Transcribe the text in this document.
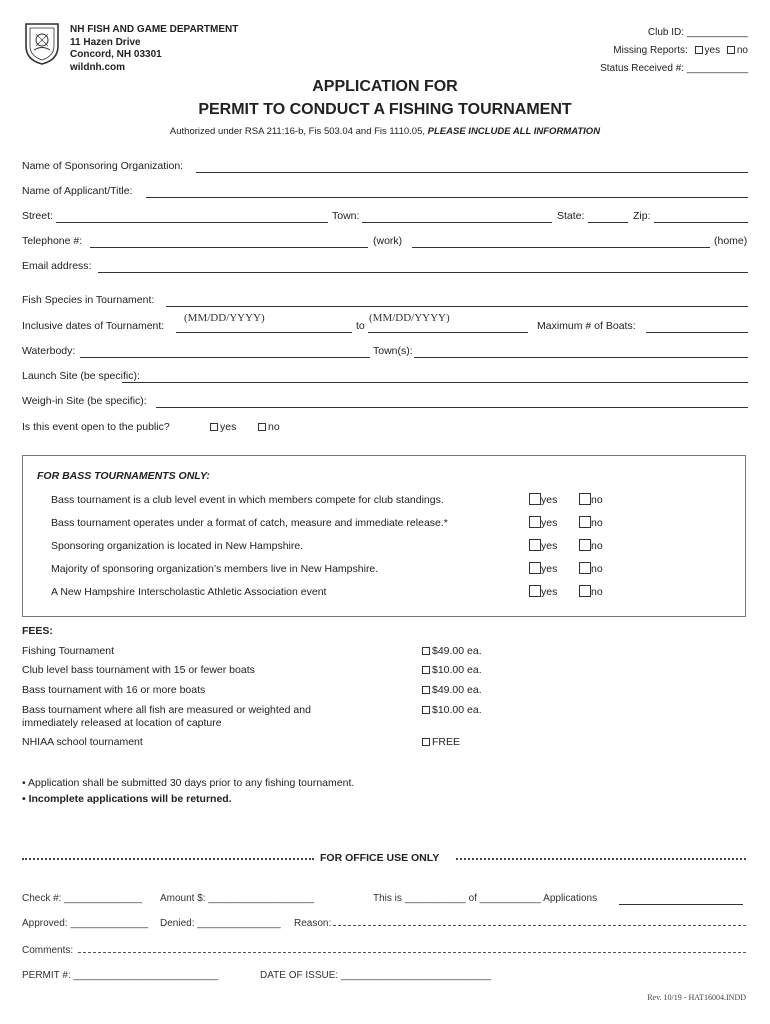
NH FISH AND GAME DEPARTMENT
11 Hazen Drive
Concord, NH 03301
wildnh.com
Club ID: ___________
Missing Reports: yes no
Status Received #: ___________
APPLICATION FOR
PERMIT TO CONDUCT A FISHING TOURNAMENT
Authorized under RSA 211:16-b, Fis 503.04 and Fis 1110.05, PLEASE INCLUDE ALL INFORMATION
Name of Sponsoring Organization:
Name of Applicant/Title:
Street:	Town:	State:	Zip:
Telephone #:	(work)	(home)
Email address:
Fish Species in Tournament:
Inclusive dates of Tournament:
(MM/DD/YYYY)
to
(MM/DD/YYYY)
Maximum # of Boats:
Waterbody:	Town(s):
Launch Site (be specific):
Weigh-in Site (be specific):
Is this event open to the public?	yes	no
FOR BASS TOURNAMENTS ONLY:
Bass tournament is a club level event in which members compete for club standings.	yes	no
Bass tournament operates under a format of catch, measure and immediate release.*	yes	no
Sponsoring organization is located in New Hampshire.	yes	no
Majority of sponsoring organization’s members live in New Hampshire.	yes	no
A New Hampshire Interscholastic Athletic Association event	yes	no
FEES:
Fishing Tournament	$49.00 ea.
Club level bass tournament with 15 or fewer boats	$10.00 ea.
Bass tournament with 16 or more boats	$49.00 ea.
Bass tournament where all fish are measured or weighted and
immediately released at location of capture
$10.00 ea.
NHIAA school tournament	FREE
• Application shall be submitted 30 days prior to any fishing tournament.
• Incomplete applications will be returned.
FOR OFFICE USE ONLY
Check #: ______________ Amount $: ___________________	This is ___________ of ___________ Applications
Approved: ______________ Denied: _______________ Reason:
Comments:
PERMIT #: __________________________	DATE OF ISSUE: ___________________________
Rev. 10/19 - HAT16004.INDD
